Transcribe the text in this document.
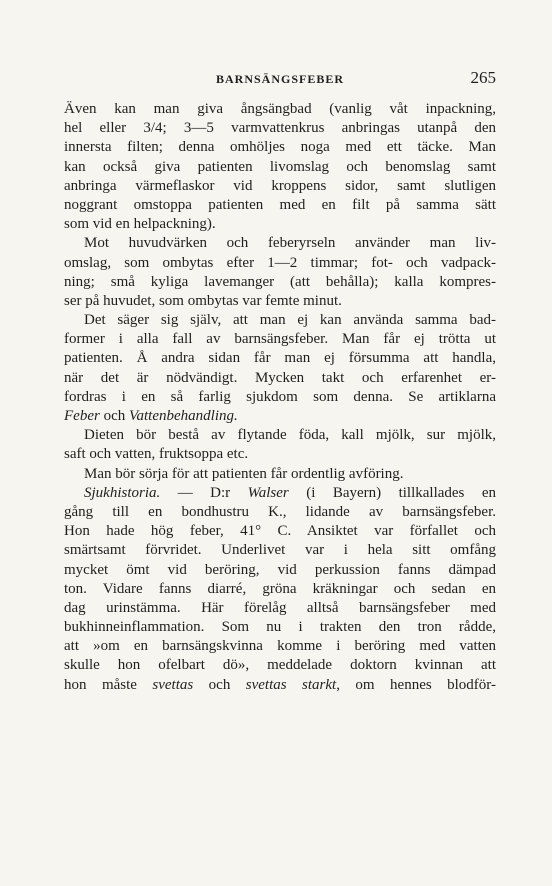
BARNSÄNGSFEBER	265
Även kan man giva ångsängbad (vanlig våt inpackning,
hel eller 3/4; 3—5 varmvattenkrus anbringas utanpå den
innersta filten; denna omhöljes noga med ett täcke. Man
kan också giva patienten livomslag och benomslag samt
anbringa värmeflaskor vid kroppens sidor, samt slutligen
noggrant omstoppa patienten med en filt på samma sätt
som vid en helpackning).
Mot huvudvärken och feberyrseln använder man liv-
omslag, som ombytas efter 1—2 timmar; fot- och vadpack-
ning; små kyliga lavemanger (att behålla); kalla kompres-
ser på huvudet, som ombytas var femte minut.
Det säger sig själv, att man ej kan använda samma bad-
former i alla fall av barnsängsfeber. Man får ej trötta ut
patienten. Å andra sidan får man ej försumma att handla,
när det är nödvändigt. Mycken takt och erfarenhet er-
fordras i en så farlig sjukdom som denna. Se artiklarna
Feber och Vattenbehandling.
Dieten bör bestå av flytande föda, kall mjölk, sur mjölk,
saft och vatten, fruktsoppa etc.
Man bör sörja för att patienten får ordentlig avföring.
Sjukhistoria. — D:r Walser (i Bayern) tillkallades en
gång till en bondhustru K., lidande av barnsängsfeber.
Hon hade hög feber, 41° C. Ansiktet var förfallet och
smärtsamt förvridet. Underlivet var i hela sitt omfång
mycket ömt vid beröring, vid perkussion fanns dämpad
ton. Vidare fanns diarré, gröna kräkningar och sedan en
dag urinstämma. Här förelåg alltså barnsängsfeber med
bukhinneinflammation. Som nu i trakten den tron rådde,
att »om en barnsängskvinna komme i beröring med vatten
skulle hon ofelbart dö», meddelade doktorn kvinnan att
hon måste svettas och svettas starkt, om hennes blodför-
